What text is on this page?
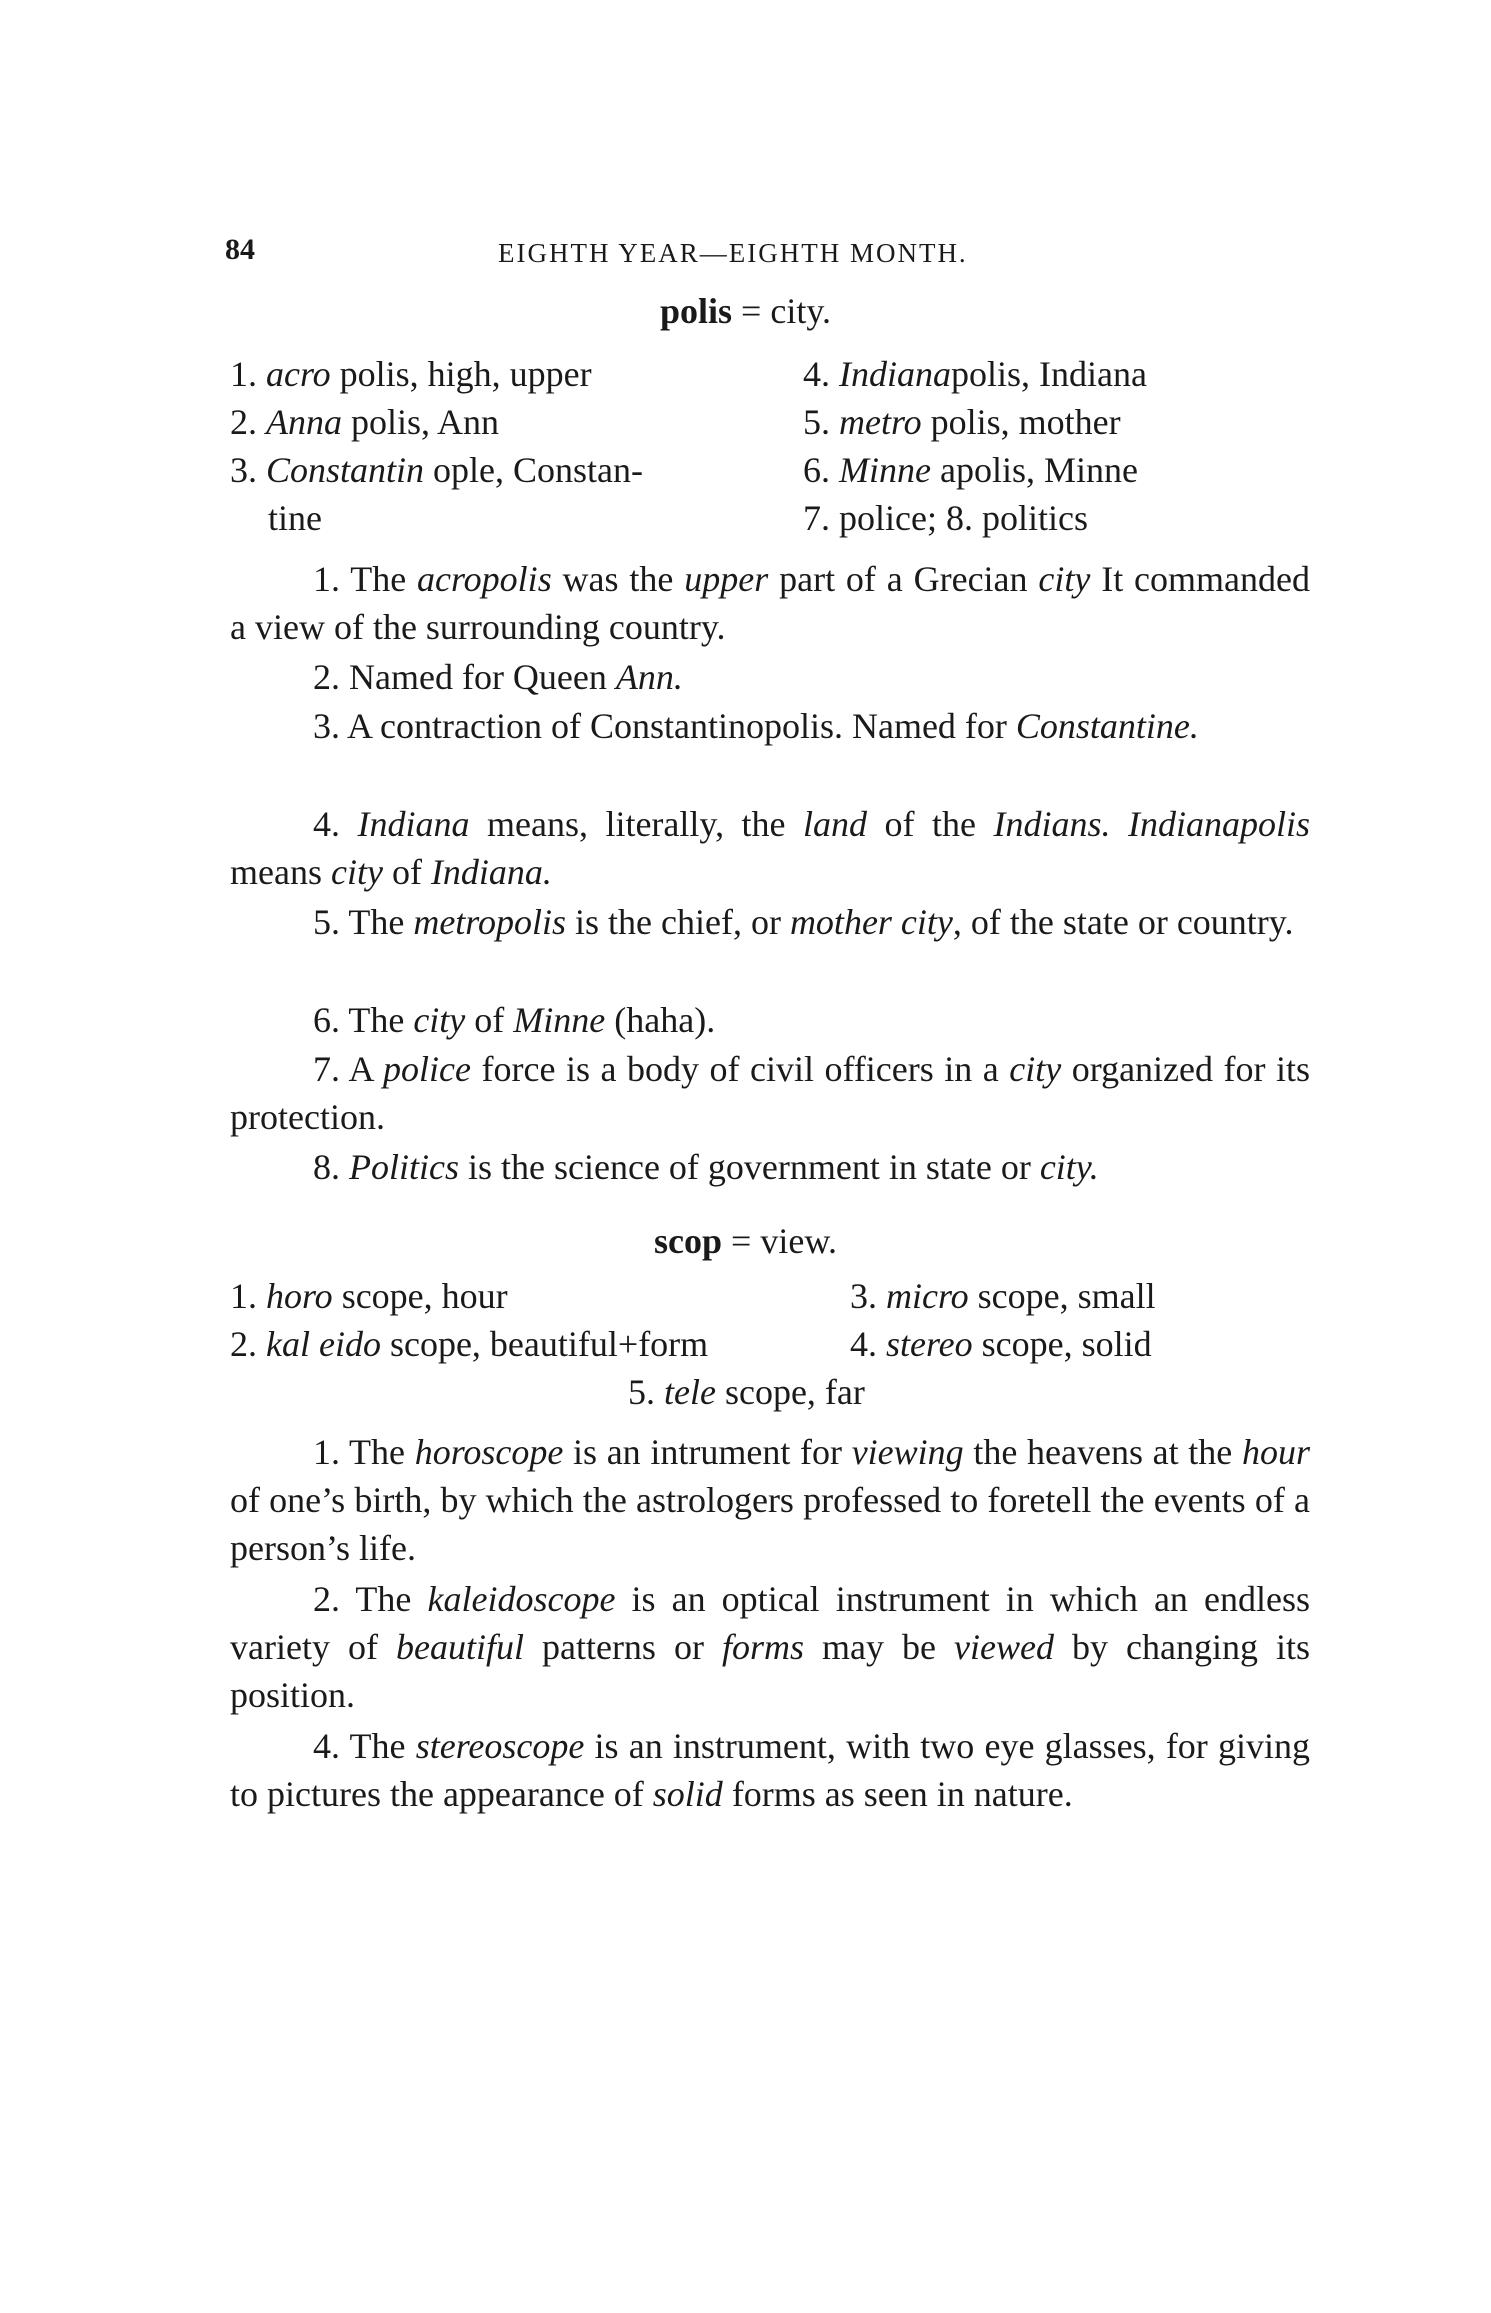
84	EIGHTH YEAR—EIGHTH MONTH.
polis = city.
1. acro polis, high, upper
2. Anna polis, Ann
3. Constantin ople, Constan-
tine
4. Indianapolis, Indiana
5. metro polis, mother
6. Minne apolis, Minne
7. police; 8. politics
1. The acropolis was the upper part of a Grecian city It commanded a view of the surrounding country.
2. Named for Queen Ann.
3. A contraction of Constantinopolis. Named for Constantine.
4. Indiana means, literally, the land of the Indians. Indianapolis means city of Indiana.
5. The metropolis is the chief, or mother city, of the state or country.
6. The city of Minne (haha).
7. A police force is a body of civil officers in a city organized for its protection.
8. Politics is the science of government in state or city.
scop = view.
1. horo scope, hour
2. kal eido scope, beautiful+form
3. micro scope, small
4. stereo scope, solid
5. tele scope, far
1. The horoscope is an intrument for viewing the heavens at the hour of one’s birth, by which the astrologers professed to foretell the events of a person’s life.
2. The kaleidoscope is an optical instrument in which an endless variety of beautiful patterns or forms may be viewed by changing its position.
4. The stereoscope is an instrument, with two eye glasses, for giving to pictures the appearance of solid forms as seen in nature.
